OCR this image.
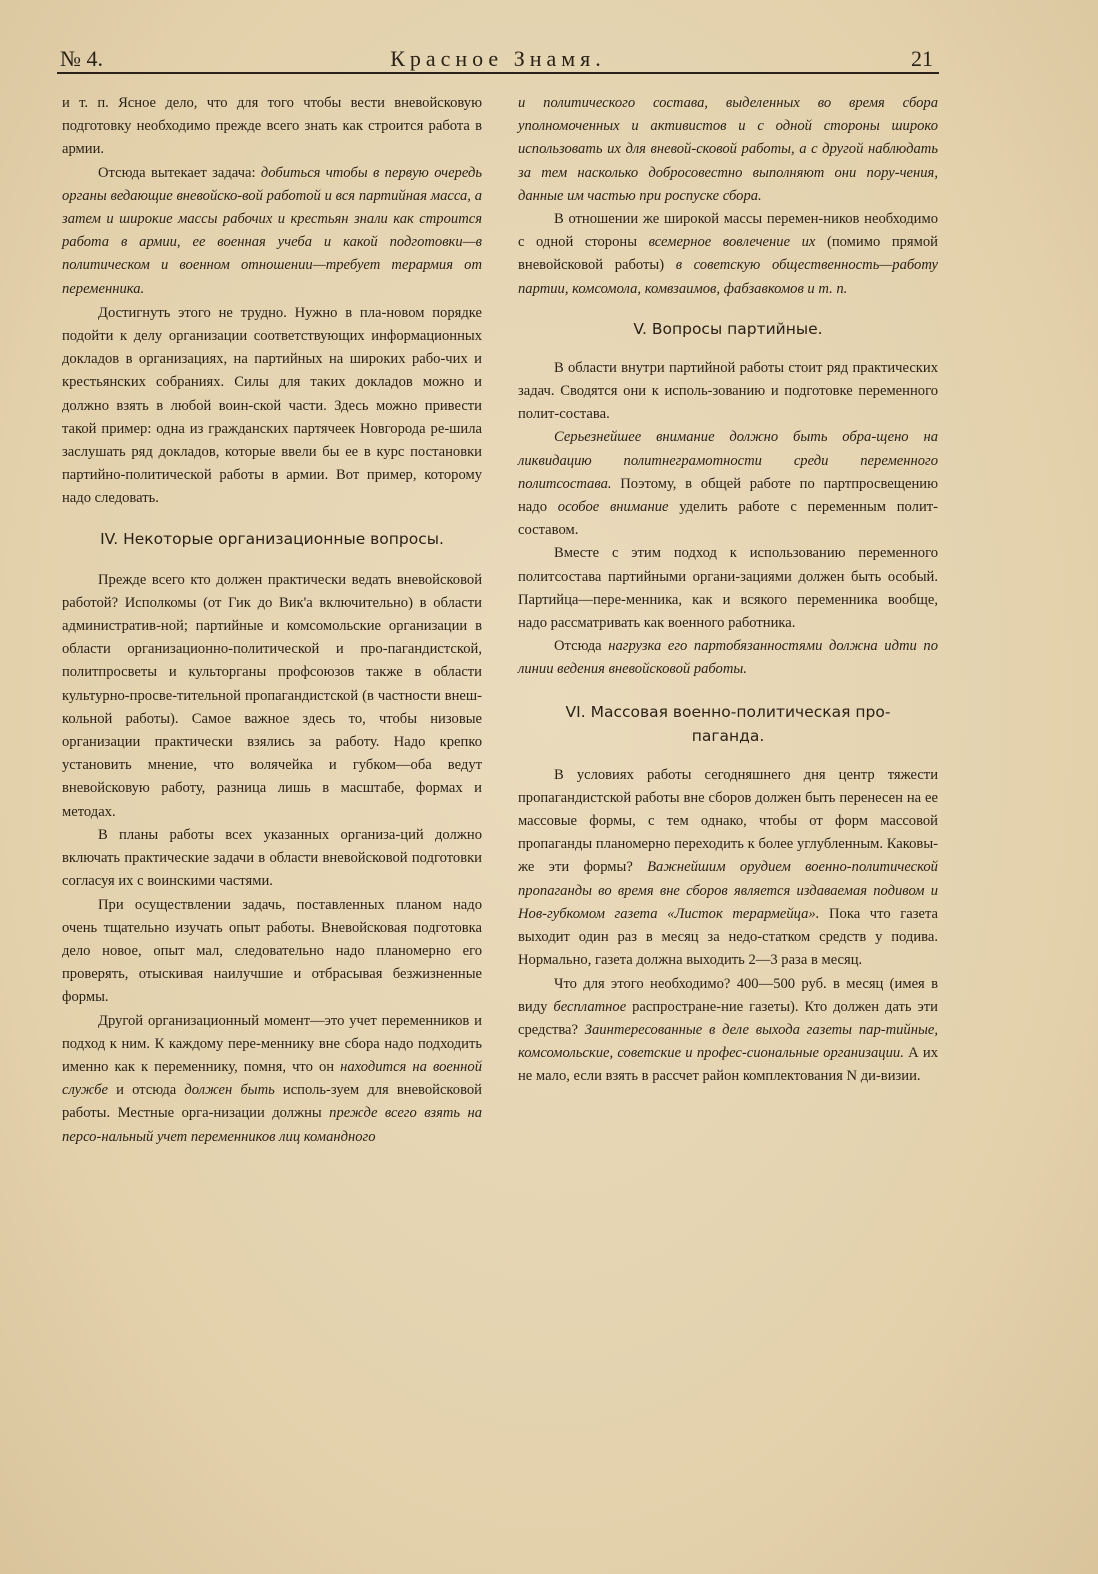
№ 4.	Красное Знамя.	21

и т. п. Ясное дело, что для того чтобы вести вневойсковую подготовку необходимо прежде всего знать как строится работа в армии.

Отсюда вытекает задача: добиться чтобы в первую очередь органы ведающие вневойско-вой работой и вся партийная масса, а затем и широкие массы рабочих и крестьян знали как строится работа в армии, ее военная учеба и какой подготовки—в политическом и военном отношении—требует терармия от переменника.

Достигнуть этого не трудно. Нужно в пла-новом порядке подойти к делу организации соответствующих информационных докладов в организациях, на партийных на широких рабо-чих и крестьянских собраниях. Силы для таких докладов можно и должно взять в любой воин-ской части. Здесь можно привести такой пример: одна из гражданских партячеек Новгорода ре-шила заслушать ряд докладов, которые ввели бы ее в курс постановки партийно-политической работы в армии. Вот пример, которому надо следовать.

IV. Некоторые организационные вопросы.

Прежде всего кто должен практически ведать вневойсковой работой? Исполкомы (от Гик до Вик'а включительно) в области административ-ной; партийные и комсомольские организации в области организационно-политической и про-пагандистской, политпросветы и культорганы профсоюзов также в области культурно-просве-тительной пропагандистской (в частности внеш-кольной работы). Самое важное здесь то, чтобы низовые организации практически взялись за работу. Надо крепко установить мнение, что волячейка и губком—оба ведут вневойсковую работу, разница лишь в масштабе, формах и методах.

В планы работы всех указанных организа-ций должно включать практические задачи в области вневойсковой подготовки согласуя их с воинскими частями.

При осуществлении задачь, поставленных планом надо очень тщательно изучать опыт работы. Вневойсковая подготовка дело новое, опыт мал, следовательно надо планомерно его проверять, отыскивая наилучшие и отбрасывая безжизненные формы.

Другой организационный момент—это учет переменников и подход к ним. К каждому пере-меннику вне сбора надо подходить именно как к переменнику, помня, что он находится на военной службе и отсюда должен быть исполь-зуем для вневойсковой работы. Местные орга-низации должны прежде всего взять на персо-нальный учет переменников лиц командного

и политического состава, выделенных во время сбора уполномоченных и активистов и с одной стороны широко использовать их для вневой-сковой работы, а с другой наблюдать за тем насколько добросовестно выполняют они пору-чения, данные им частью при роспуске сбора.

В отношении же широкой массы перемен-ников необходимо с одной стороны всемерное вовлечение их (помимо прямой вневойсковой работы) в советскую общественность—работу партии, комсомола, комвзаимов, фабзавкомов и т. п.

V. Вопросы партийные.

В области внутри партийной работы стоит ряд практических задач. Сводятся они к исполь-зованию и подготовке переменного полит-состава.

Серьезнейшее внимание должно быть обра-щено на ликвидацию политнеграмотности среди переменного политсостава. Поэтому, в общей работе по партпросвещению надо особое внимание уделить работе с переменным полит-составом.

Вместе с этим подход к использованию переменного политсостава партийными органи-зациями должен быть особый. Партийца—пере-менника, как и всякого переменника вообще, надо рассматривать как военного работника.

Отсюда нагрузка его партобязанностями должна идти по линии ведения вневойсковой работы.

VI. Массовая военно-политическая про-паганда.

В условиях работы сегодняшнего дня центр тяжести пропагандистской работы вне сборов должен быть перенесен на ее массовые формы, с тем однако, чтобы от форм массовой пропаганды планомерно переходить к более углубленным. Каковы-же эти формы? Важнейшим орудием военно-политической пропаганды во время вне сборов является издаваемая подивом и Нов-губкомом газета «Листок терармейца». Пока что газета выходит один раз в месяц за недо-статком средств у подива. Нормально, газета должна выходить 2—3 раза в месяц.

Что для этого необходимо? 400—500 руб. в месяц (имея в виду бесплатное распростране-ние газеты). Кто должен дать эти средства? Заинтересованные в деле выхода газеты пар-тийные, комсомольские, советские и профес-сиональные организации. А их не мало, если взять в рассчет район комплектования N ди-визии.
